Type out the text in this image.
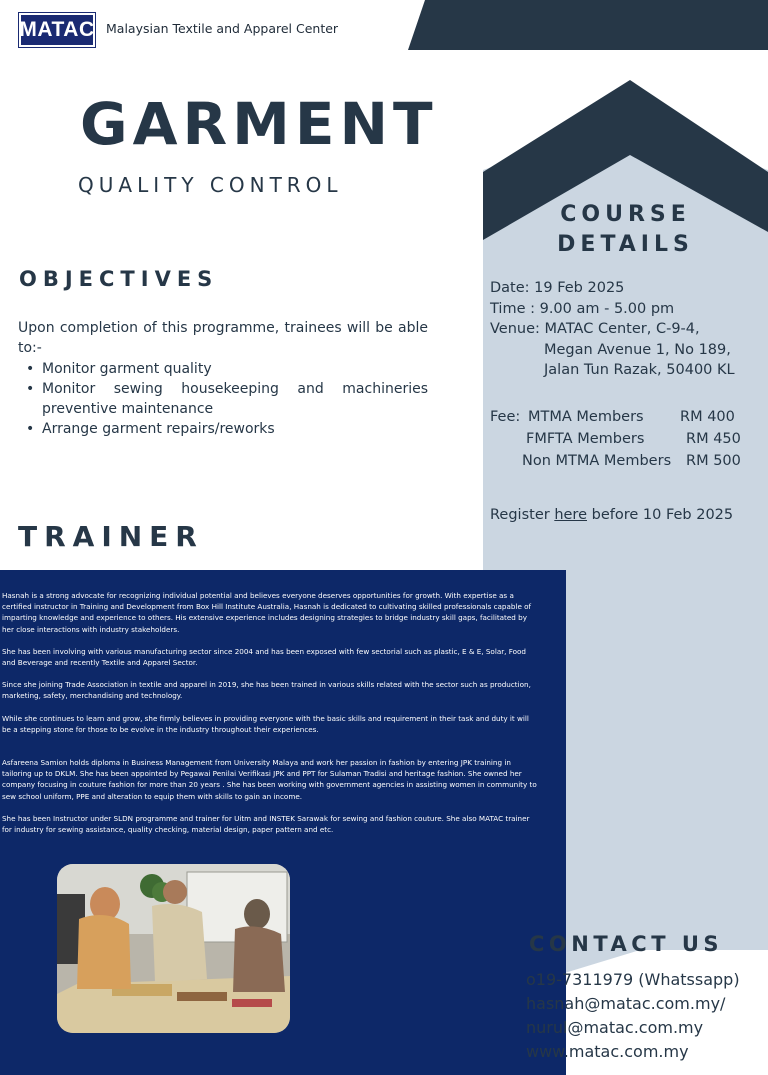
MATAC Malaysian Textile and Apparel Center
GARMENT
QUALITY CONTROL
COURSE
DETAILS
Date: 19 Feb 2025
Time : 9.00 am - 5.00 pm
Venue: MATAC Center, C-9-4,
Megan Avenue 1, No 189,
Jalan Tun Razak, 50400 KL
Fee: MTMA Members	RM 400
FMFTA Members	RM 450
Non MTMA Members RM 500
Register here before 10 Feb 2025
OBJECTIVES
Upon completion of this programme, trainees will be able to:-
• Monitor garment quality
• Monitor sewing housekeeping and machineries preventive maintenance
• Arrange garment repairs/reworks
TRAINER

Hasnah is a strong advocate for recognizing individual potential and believes everyone deserves opportunities for growth. With expertise as a certified instructor in Training and Development from Box Hill Institute Australia, Hasnah is dedicated to cultivating skilled professionals capable of imparting knowledge and experience to others. His extensive experience includes designing strategies to bridge industry skill gaps, facilitated by her close interactions with industry stakeholders.

She has been involving with various manufacturing sector since 2004 and has been exposed with few sectorial such as plastic, E & E, Solar, Food and Beverage and recently Textile and Apparel Sector.

Since she joining Trade Association in textile and apparel in 2019, she has been trained in various skills related with the sector such as production, marketing, safety, merchandising and technology.

While she continues to learn and grow, she firmly believes in providing everyone with the basic skills and requirement in their task and duty it will be a stepping stone for those to be evolve in the industry throughout their experiences.

Asfareena Samion holds diploma in Business Management from University Malaya and work her passion in fashion by entering JPK training in tailoring up to DKLM. She has been appointed by Pegawai Penilai Verifikasi JPK and PPT for Sulaman Tradisi and heritage fashion. She owned her company focusing in couture fashion for more than 20 years . She has been working with government agencies in assisting women in community to sew school uniform, PPE and alteration to equip them with skills to gain an income.

She has been Instructor under SLDN programme and trainer for Uitm and INSTEK Sarawak for sewing and fashion couture. She also MATAC trainer for industry for sewing assistance, quality checking, material design, paper pattern and etc.

CONTACT US
o19-7311979 (Whatssapp)
hasnah@matac.com.my/
nurul@matac.com.my
www.matac.com.my
